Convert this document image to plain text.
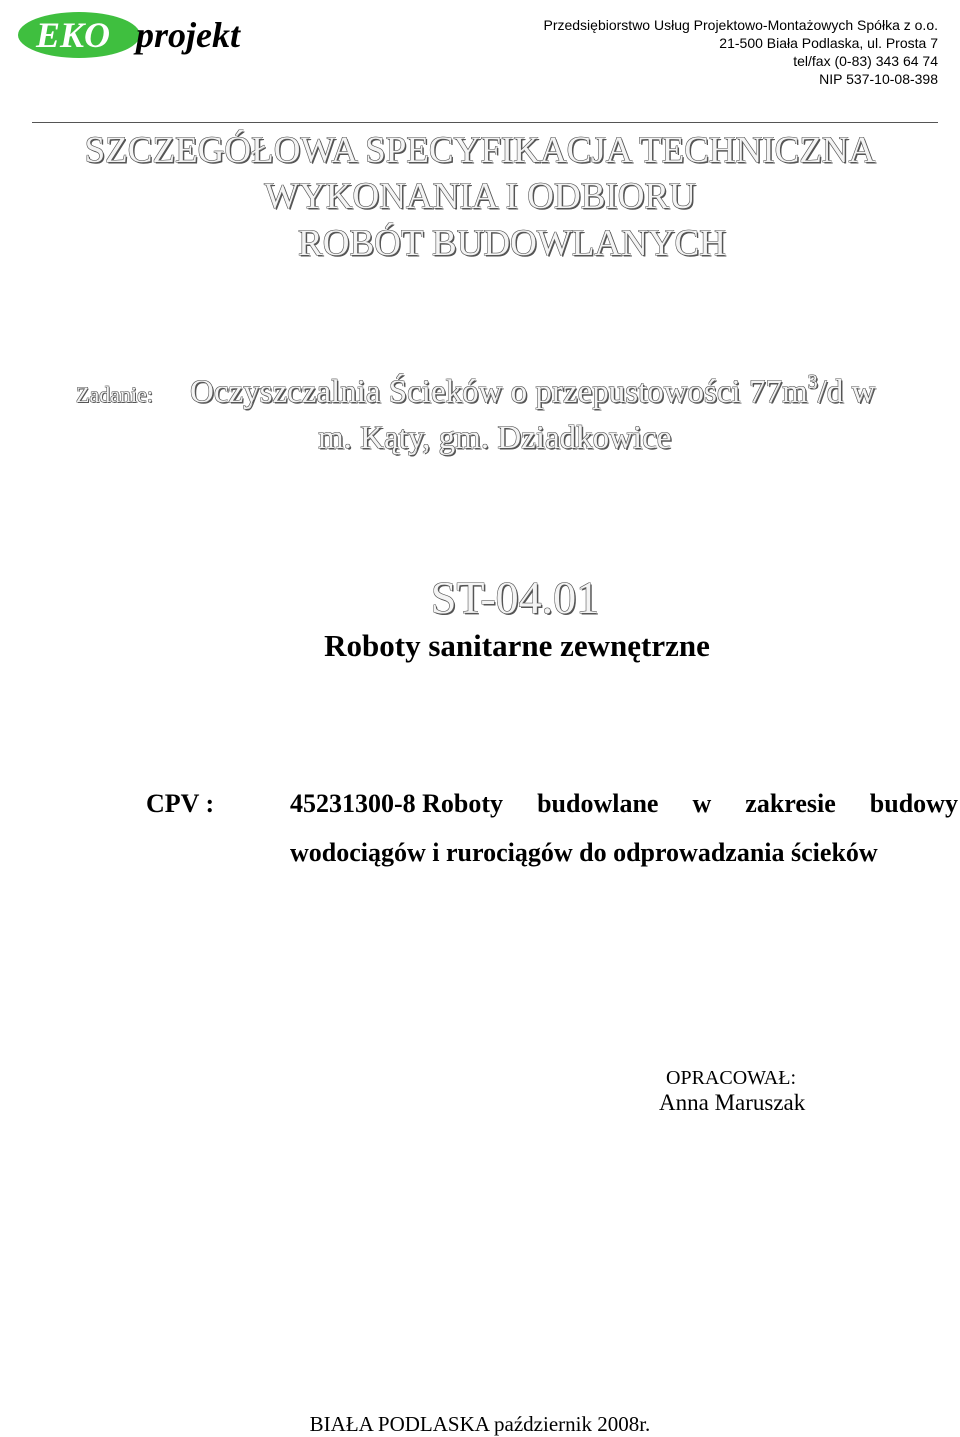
EKO projekt	Przedsiębiorstwo Usług Projektowo-Montażowych Spółka z o.o.
21-500 Biała Podlaska, ul. Prosta 7
tel/fax (0-83) 343 64 74
NIP 537-10-08-398
SZCZEGÓŁOWA SPECYFIKACJA TECHNICZNA
WYKONANIA I ODBIORU
ROBÓT BUDOWLANYCH
Zadanie: Oczyszczalnia Ścieków o przepustowości $77m^3/d$ w
m. Kąty, gm. Dziadkowice
ST-04.01
Roboty sanitarne zewnętrzne
CPV :	45231300-8 Roboty budowlane w zakresie budowy
wodociągów i rurociągów do odprowadzania ścieków
OPRACOWAŁ:
Anna Maruszak
BIAŁA PODLASKA październik 2008r.
